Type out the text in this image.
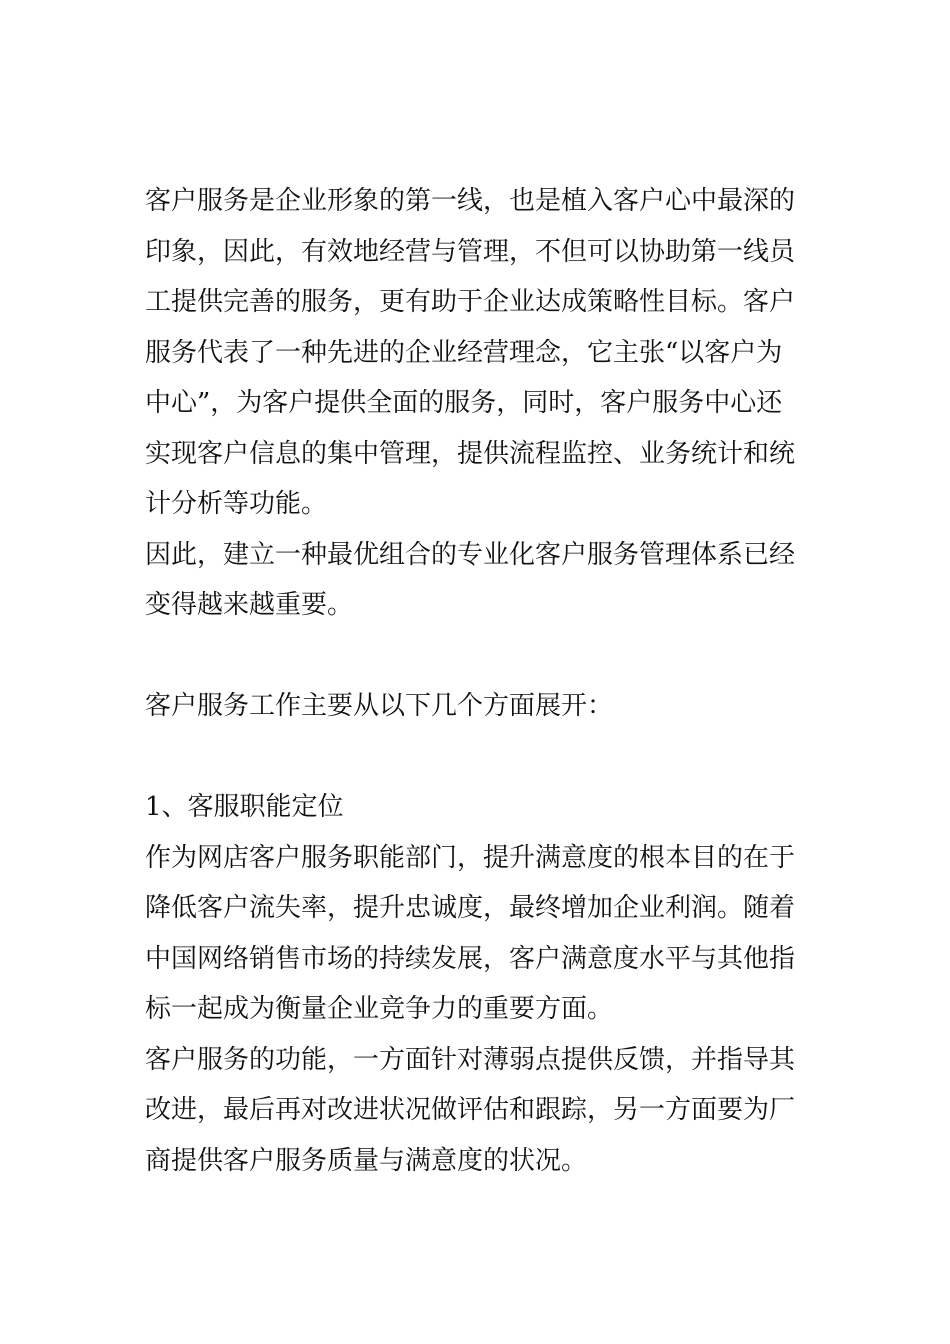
客户服务是企业形象的第一线，也是植入客户心中最深的印象，因此，有效地经营与管理，不但可以协助第一线员工提供完善的服务，更有助于企业达成策略性目标。客户服务代表了一种先进的企业经营理念，它主张“以客户为中心”，为客户提供全面的服务，同时，客户服务中心还实现客户信息的集中管理，提供流程监控、业务统计和统计分析等功能。

因此，建立一种最优组合的专业化客户服务管理体系已经变得越来越重要。

客户服务工作主要从以下几个方面展开：

1、客服职能定位

作为网店客户服务职能部门，提升满意度的根本目的在于降低客户流失率，提升忠诚度，最终增加企业利润。随着中国网络销售市场的持续发展，客户满意度水平与其他指标一起成为衡量企业竞争力的重要方面。

客户服务的功能，一方面针对薄弱点提供反馈，并指导其改进，最后再对改进状况做评估和跟踪，另一方面要为厂商提供客户服务质量与满意度的状况。
